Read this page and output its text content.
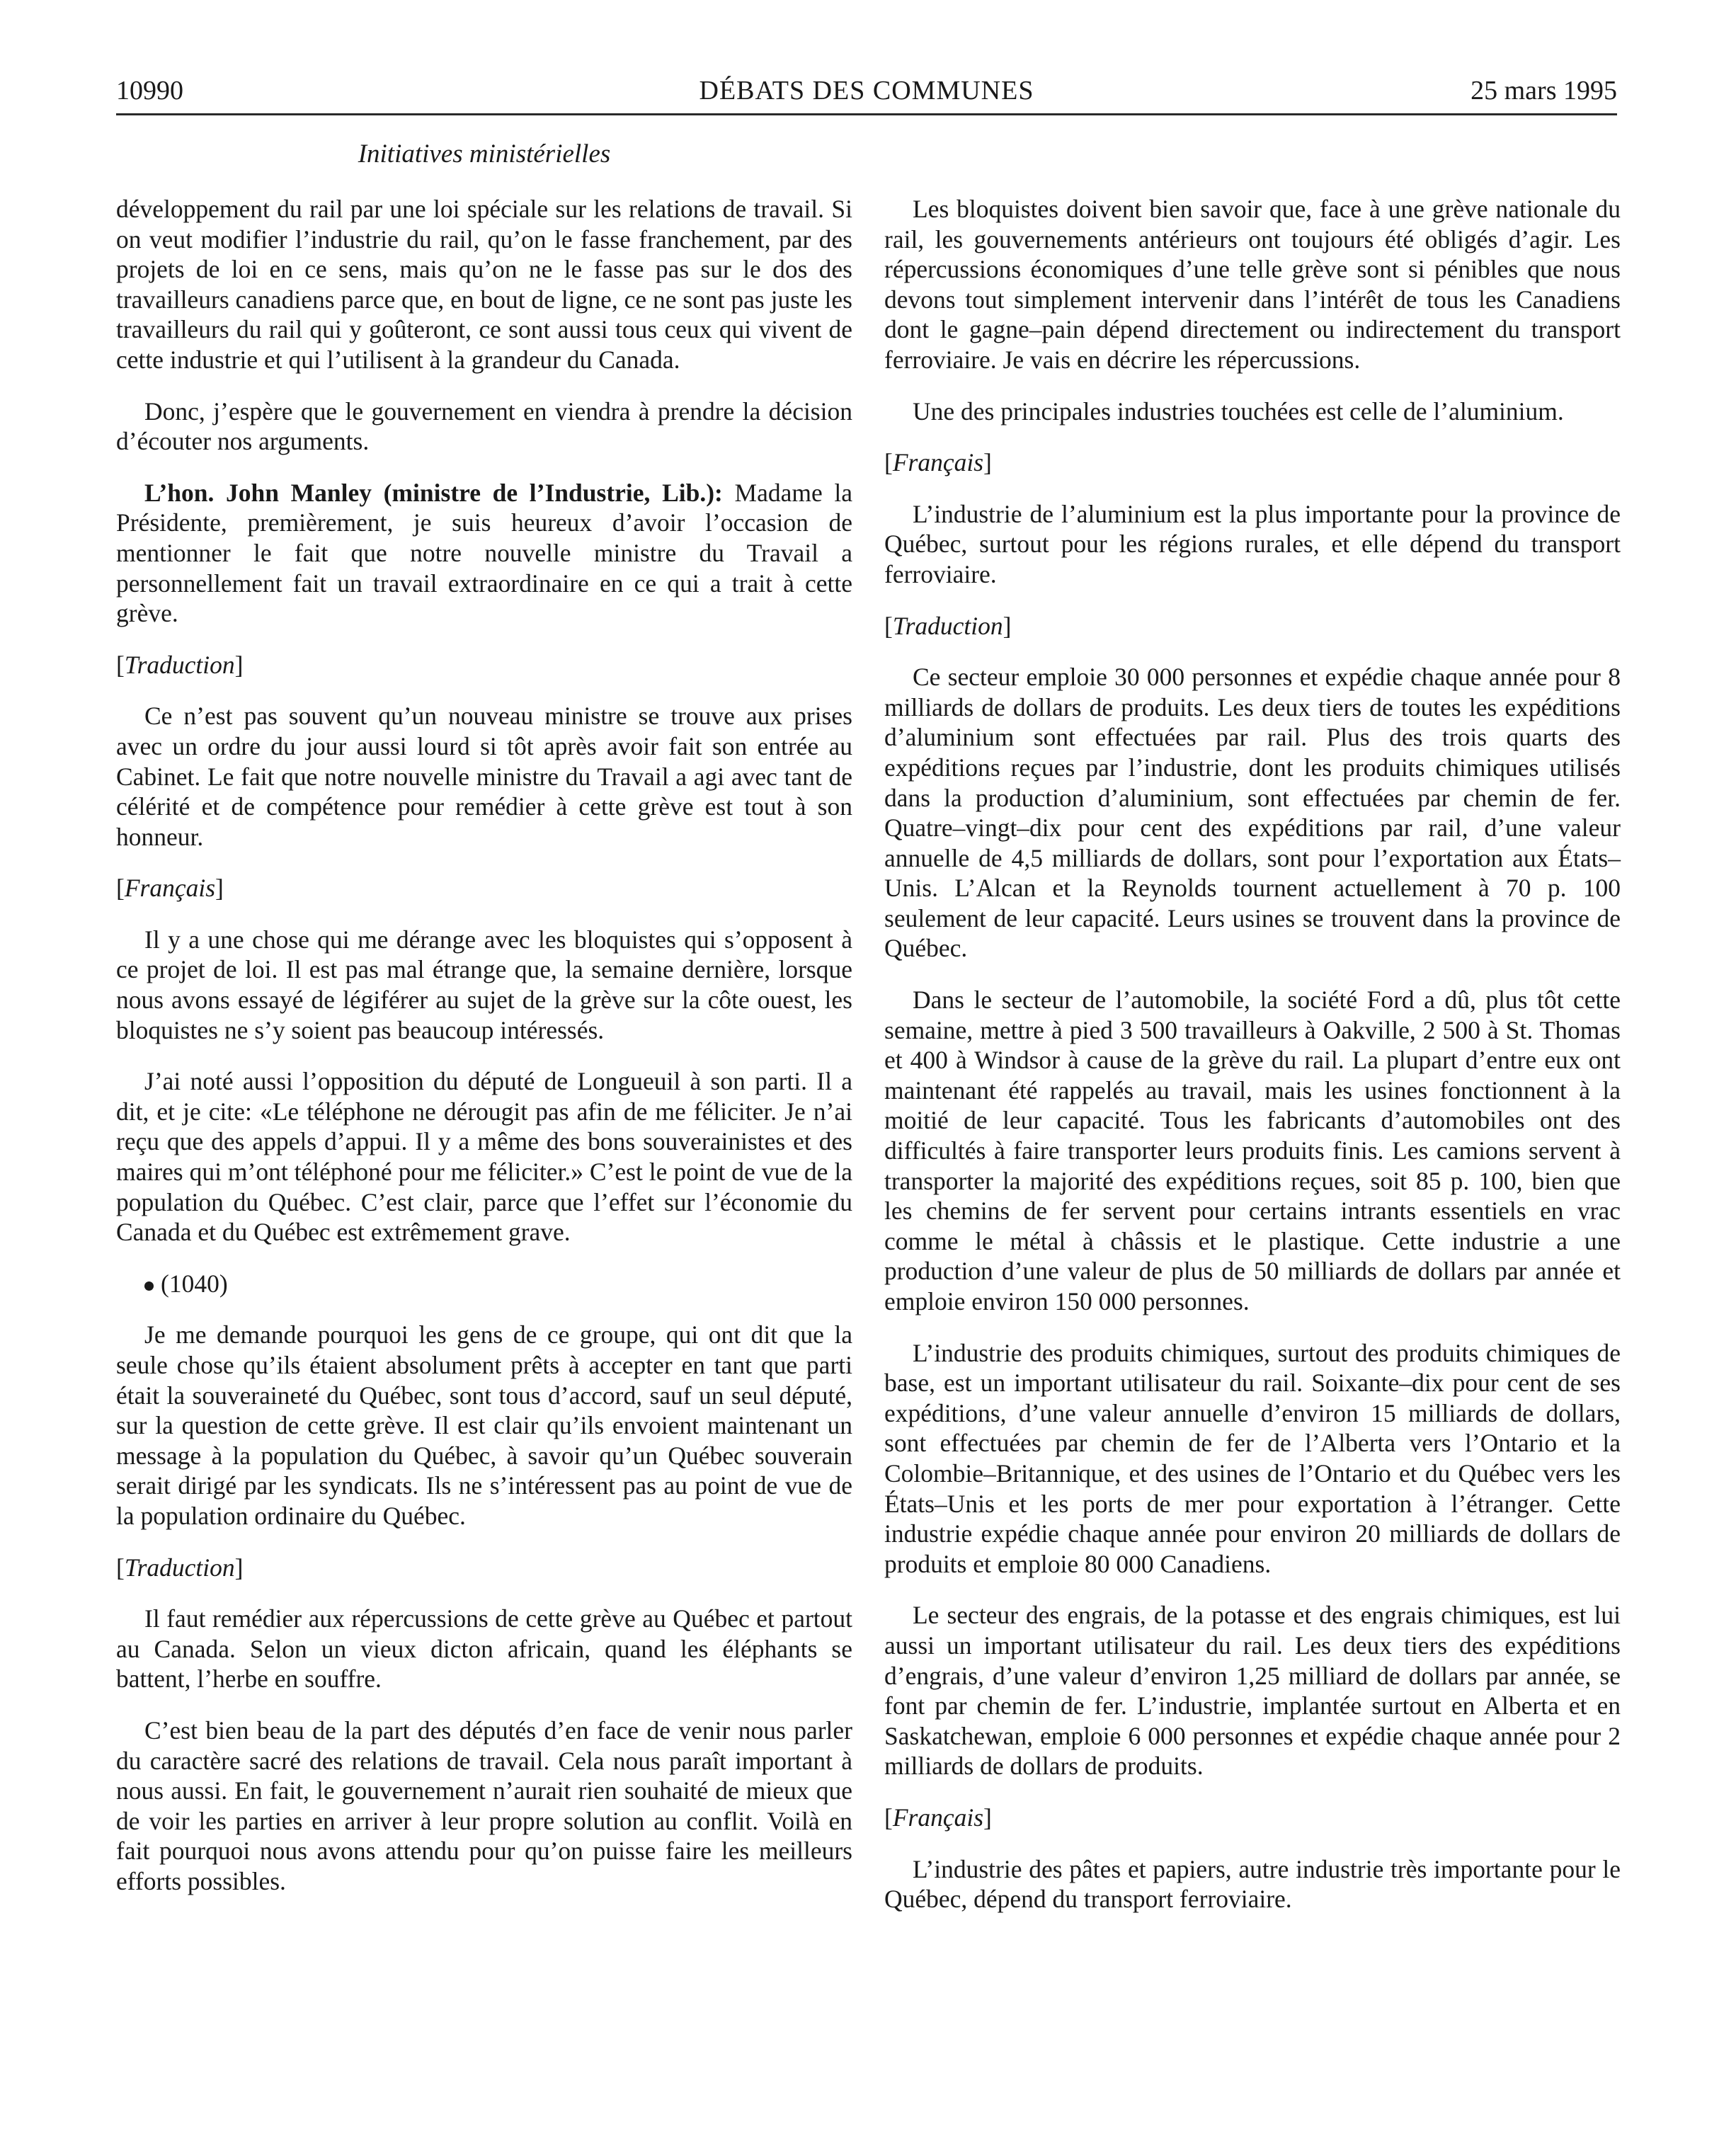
10990	DÉBATS DES COMMUNES	25 mars 1995
Initiatives ministérielles

développement du rail par une loi spéciale sur les relations de travail. Si on veut modifier l’industrie du rail, qu’on le fasse franchement, par des projets de loi en ce sens, mais qu’on ne le fasse pas sur le dos des travailleurs canadiens parce que, en bout de ligne, ce ne sont pas juste les travailleurs du rail qui y goûteront, ce sont aussi tous ceux qui vivent de cette industrie et qui l’utilisent à la grandeur du Canada.

Donc, j’espère que le gouvernement en viendra à prendre la décision d’écouter nos arguments.

L’hon. John Manley (ministre de l’Industrie, Lib.): Madame la Présidente, premièrement, je suis heureux d’avoir l’occasion de mentionner le fait que notre nouvelle ministre du Travail a personnellement fait un travail extraordinaire en ce qui a trait à cette grève.

[Traduction]

Ce n’est pas souvent qu’un nouveau ministre se trouve aux prises avec un ordre du jour aussi lourd si tôt après avoir fait son entrée au Cabinet. Le fait que notre nouvelle ministre du Travail a agi avec tant de célérité et de compétence pour remédier à cette grève est tout à son honneur.

[Français]

Il y a une chose qui me dérange avec les bloquistes qui s’opposent à ce projet de loi. Il est pas mal étrange que, la semaine dernière, lorsque nous avons essayé de légiférer au sujet de la grève sur la côte ouest, les bloquistes ne s’y soient pas beaucoup intéressés.

J’ai noté aussi l’opposition du député de Longueuil à son parti. Il a dit, et je cite: «Le téléphone ne dérougit pas afin de me féliciter. Je n’ai reçu que des appels d’appui. Il y a même des bons souverainistes et des maires qui m’ont téléphoné pour me féliciter.» C’est le point de vue de la population du Québec. C’est clair, parce que l’effet sur l’économie du Canada et du Québec est extrêmement grave.

(1040)

Je me demande pourquoi les gens de ce groupe, qui ont dit que la seule chose qu’ils étaient absolument prêts à accepter en tant que parti était la souveraineté du Québec, sont tous d’accord, sauf un seul député, sur la question de cette grève. Il est clair qu’ils envoient maintenant un message à la population du Québec, à savoir qu’un Québec souverain serait dirigé par les syndicats. Ils ne s’intéressent pas au point de vue de la population ordinaire du Québec.

[Traduction]

Il faut remédier aux répercussions de cette grève au Québec et partout au Canada. Selon un vieux dicton africain, quand les éléphants se battent, l’herbe en souffre.

C’est bien beau de la part des députés d’en face de venir nous parler du caractère sacré des relations de travail. Cela nous paraît important à nous aussi. En fait, le gouvernement n’aurait rien souhaité de mieux que de voir les parties en arriver à leur propre solution au conflit. Voilà en fait pourquoi nous avons attendu pour qu’on puisse faire les meilleurs efforts possibles.

Les bloquistes doivent bien savoir que, face à une grève nationale du rail, les gouvernements antérieurs ont toujours été obligés d’agir. Les répercussions économiques d’une telle grève sont si pénibles que nous devons tout simplement intervenir dans l’intérêt de tous les Canadiens dont le gagne–pain dépend directement ou indirectement du transport ferroviaire. Je vais en décrire les répercussions.

Une des principales industries touchées est celle de l’aluminium.

[Français]

L’industrie de l’aluminium est la plus importante pour la province de Québec, surtout pour les régions rurales, et elle dépend du transport ferroviaire.

[Traduction]

Ce secteur emploie 30 000 personnes et expédie chaque année pour 8 milliards de dollars de produits. Les deux tiers de toutes les expéditions d’aluminium sont effectuées par rail. Plus des trois quarts des expéditions reçues par l’industrie, dont les produits chimiques utilisés dans la production d’aluminium, sont effectuées par chemin de fer. Quatre–vingt–dix pour cent des expéditions par rail, d’une valeur annuelle de 4,5 milliards de dollars, sont pour l’exportation aux États–Unis. L’Alcan et la Reynolds tournent actuellement à 70 p. 100 seulement de leur capacité. Leurs usines se trouvent dans la province de Québec.

Dans le secteur de l’automobile, la société Ford a dû, plus tôt cette semaine, mettre à pied 3 500 travailleurs à Oakville, 2 500 à St. Thomas et 400 à Windsor à cause de la grève du rail. La plupart d’entre eux ont maintenant été rappelés au travail, mais les usines fonctionnent à la moitié de leur capacité. Tous les fabricants d’automobiles ont des difficultés à faire transporter leurs produits finis. Les camions servent à transporter la majorité des expéditions reçues, soit 85 p. 100, bien que les chemins de fer servent pour certains intrants essentiels en vrac comme le métal à châssis et le plastique. Cette industrie a une production d’une valeur de plus de 50 milliards de dollars par année et emploie environ 150 000 personnes.

L’industrie des produits chimiques, surtout des produits chimiques de base, est un important utilisateur du rail. Soixante–dix pour cent de ses expéditions, d’une valeur annuelle d’environ 15 milliards de dollars, sont effectuées par chemin de fer de l’Alberta vers l’Ontario et la Colombie–Britannique, et des usines de l’Ontario et du Québec vers les États–Unis et les ports de mer pour exportation à l’étranger. Cette industrie expédie chaque année pour environ 20 milliards de dollars de produits et emploie 80 000 Canadiens.

Le secteur des engrais, de la potasse et des engrais chimiques, est lui aussi un important utilisateur du rail. Les deux tiers des expéditions d’engrais, d’une valeur d’environ 1,25 milliard de dollars par année, se font par chemin de fer. L’industrie, implantée surtout en Alberta et en Saskatchewan, emploie 6 000 personnes et expédie chaque année pour 2 milliards de dollars de produits.

[Français]

L’industrie des pâtes et papiers, autre industrie très importante pour le Québec, dépend du transport ferroviaire.
